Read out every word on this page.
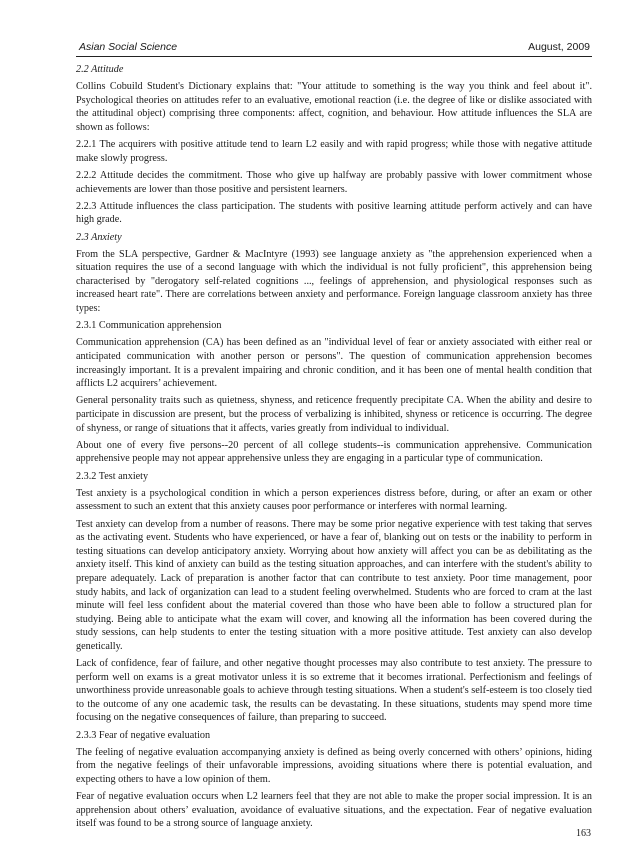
Asian Social Science	August, 2009

2.2 Attitude

Collins Cobuild Student's Dictionary explains that: "Your attitude to something is the way you think and feel about it". Psychological theories on attitudes refer to an evaluative, emotional reaction (i.e. the degree of like or dislike associated with the attitudinal object) comprising three components: affect, cognition, and behaviour. How attitude influences the SLA are shown as follows:

2.2.1 The acquirers with positive attitude tend to learn L2 easily and with rapid progress; while those with negative attitude make slowly progress.

2.2.2 Attitude decides the commitment. Those who give up halfway are probably passive with lower commitment whose achievements are lower than those positive and persistent learners.

2.2.3 Attitude influences the class participation. The students with positive learning attitude perform actively and can have high grade.

2.3 Anxiety

From the SLA perspective, Gardner & MacIntyre (1993) see language anxiety as "the apprehension experienced when a situation requires the use of a second language with which the individual is not fully proficient", this apprehension being characterised by "derogatory self-related cognitions ..., feelings of apprehension, and physiological responses such as increased heart rate". There are correlations between anxiety and performance. Foreign language classroom anxiety has three types:

2.3.1 Communication apprehension

Communication apprehension (CA) has been defined as an "individual level of fear or anxiety associated with either real or anticipated communication with another person or persons". The question of communication apprehension becomes increasingly important. It is a prevalent impairing and chronic condition, and it has been one of mental health condition that afflicts L2 acquirers’ achievement.

General personality traits such as quietness, shyness, and reticence frequently precipitate CA. When the ability and desire to participate in discussion are present, but the process of verbalizing is inhibited, shyness or reticence is occurring. The degree of shyness, or range of situations that it affects, varies greatly from individual to individual.

About one of every five persons--20 percent of all college students--is communication apprehensive. Communication apprehensive people may not appear apprehensive unless they are engaging in a particular type of communication.

2.3.2 Test anxiety

Test anxiety is a psychological condition in which a person experiences distress before, during, or after an exam or other assessment to such an extent that this anxiety causes poor performance or interferes with normal learning.

Test anxiety can develop from a number of reasons. There may be some prior negative experience with test taking that serves as the activating event. Students who have experienced, or have a fear of, blanking out on tests or the inability to perform in testing situations can develop anticipatory anxiety. Worrying about how anxiety will affect you can be as debilitating as the anxiety itself. This kind of anxiety can build as the testing situation approaches, and can interfere with the student's ability to prepare adequately. Lack of preparation is another factor that can contribute to test anxiety. Poor time management, poor study habits, and lack of organization can lead to a student feeling overwhelmed. Students who are forced to cram at the last minute will feel less confident about the material covered than those who have been able to follow a structured plan for studying. Being able to anticipate what the exam will cover, and knowing all the information has been covered during the study sessions, can help students to enter the testing situation with a more positive attitude. Test anxiety can also develop genetically.

Lack of confidence, fear of failure, and other negative thought processes may also contribute to test anxiety. The pressure to perform well on exams is a great motivator unless it is so extreme that it becomes irrational. Perfectionism and feelings of unworthiness provide unreasonable goals to achieve through testing situations. When a student's self-esteem is too closely tied to the outcome of any one academic task, the results can be devastating. In these situations, students may spend more time focusing on the negative consequences of failure, than preparing to succeed.

2.3.3 Fear of negative evaluation

The feeling of negative evaluation accompanying anxiety is defined as being overly concerned with others’ opinions, hiding from the negative feelings of their unfavorable impressions, avoiding situations where there is potential evaluation, and expecting others to have a low opinion of them.

Fear of negative evaluation occurs when L2 learners feel that they are not able to make the proper social impression. It is an apprehension about others’ evaluation, avoidance of evaluative situations, and the expectation. Fear of negative evaluation itself was found to be a strong source of language anxiety.

163
